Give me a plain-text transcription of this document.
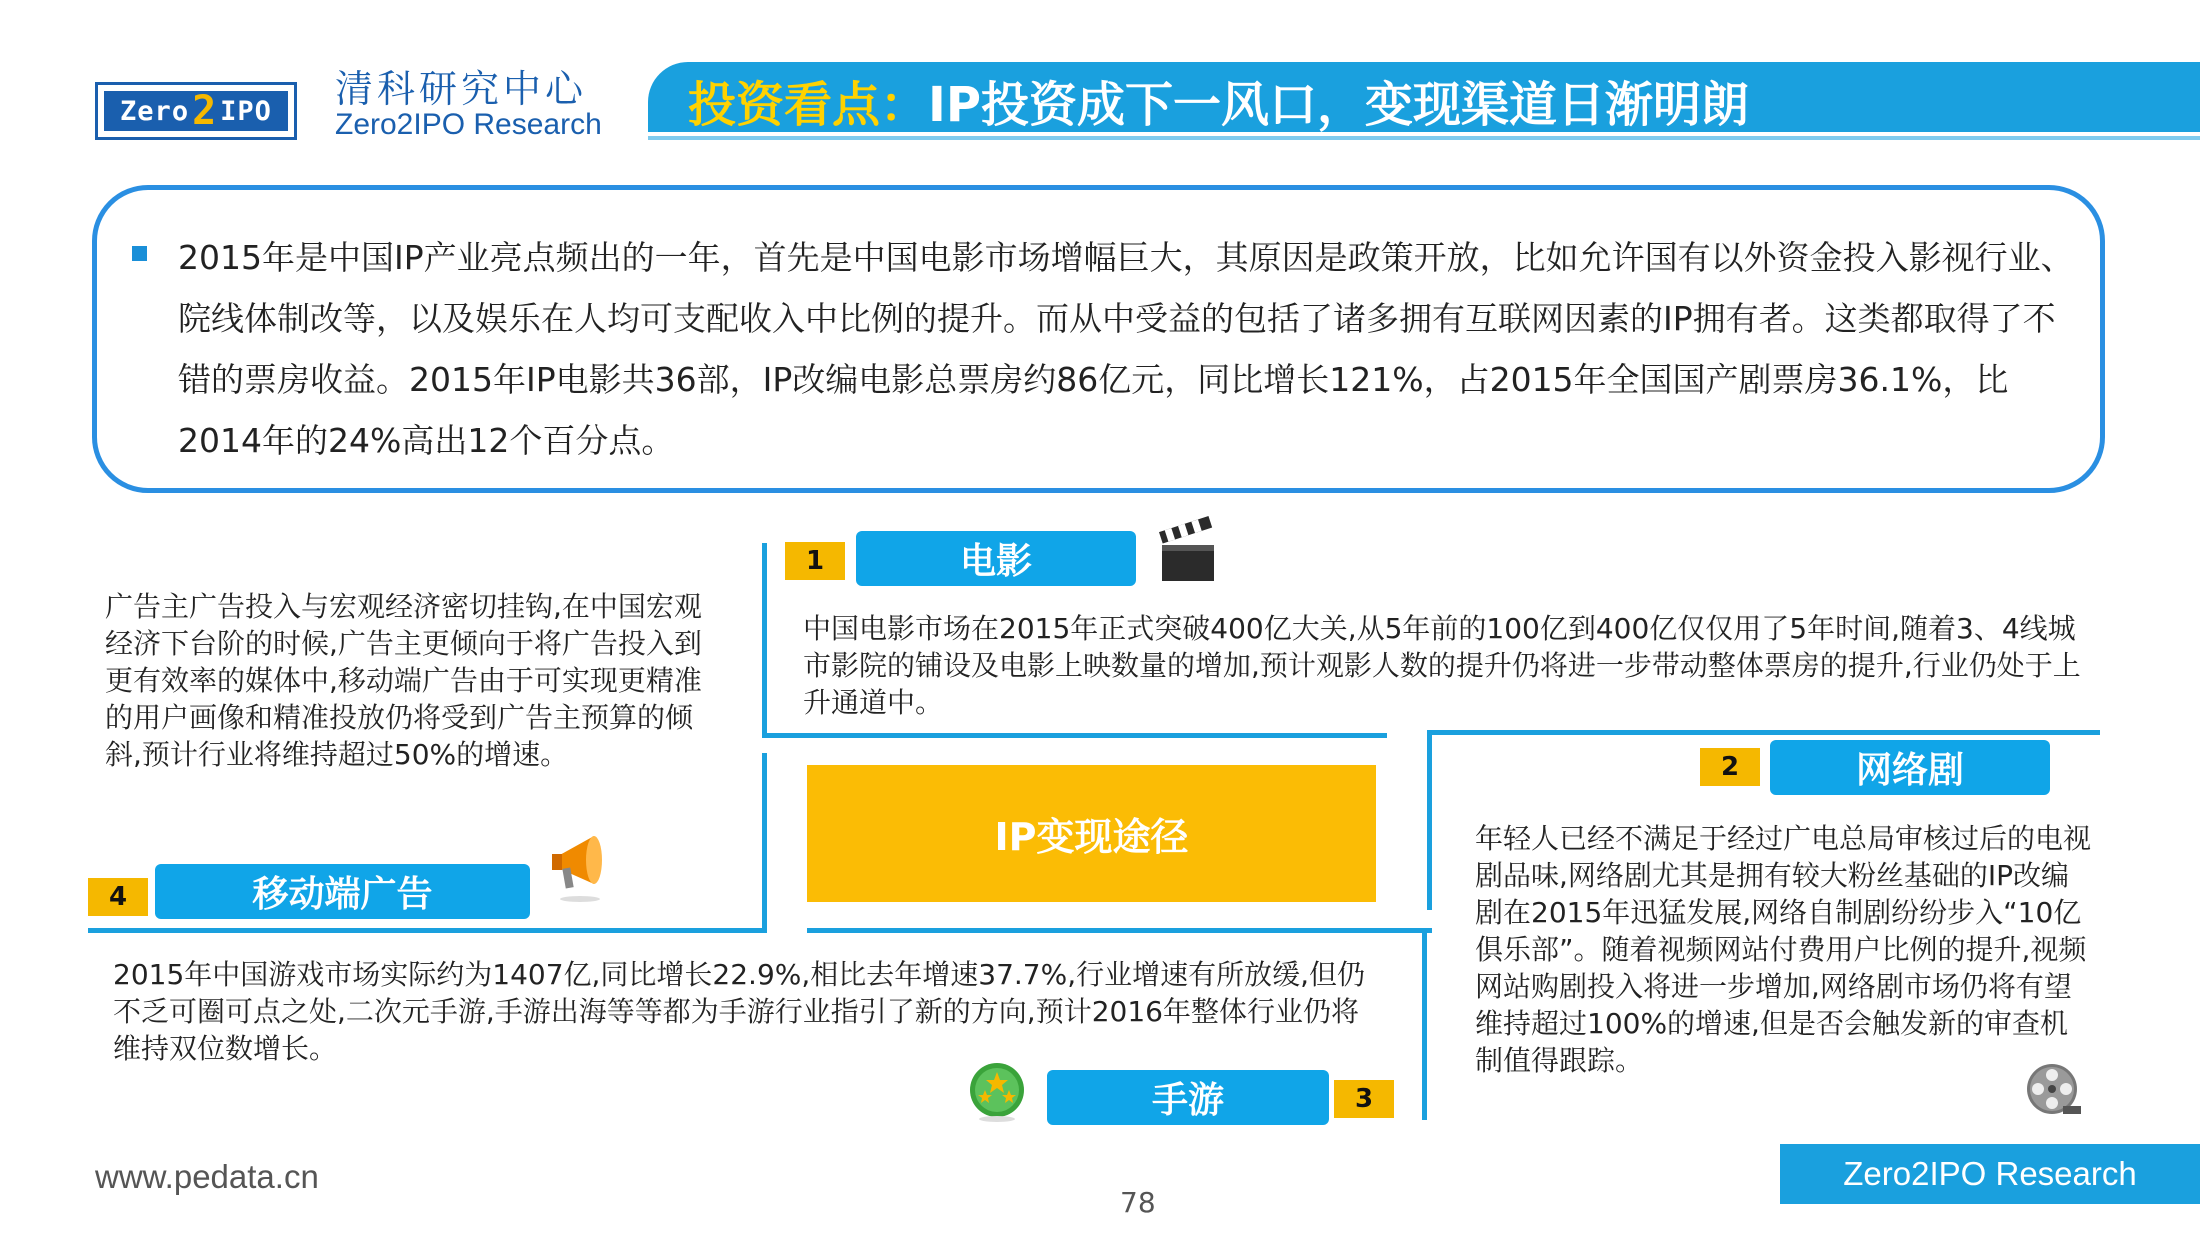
Zero 2 IPO 清科研究中心
Zero2IPO Research 投资看点：IP投资成下一风口，变现渠道日渐明朗
2015年是中国IP产业亮点频出的一年，首先是中国电影市场增幅巨大，其原因是政策开放，比如允许国有以外资金投入影视行业、院线体制改等，以及娱乐在人均可支配收入中比例的提升。而从中受益的包括了诸多拥有互联网因素的IP拥有者。这类都取得了不错的票房收益。2015年IP电影共36部，IP改编电影总票房约86亿元，同比增长121%，占2015年全国国产剧票房36.1%，比2014年的24%高出12个百分点。
IP变现途径
1	电影
中国电影市场在2015年正式突破400亿大关,从5年前的100亿到400亿仅仅用了5年时间,随着3、4线城市影院的铺设及电影上映数量的增加,预计观影人数的提升仍将进一步带动整体票房的提升,行业仍处于上升通道中。
2	网络剧
年轻人已经不满足于经过广电总局审核过后的电视剧品味,网络剧尤其是拥有较大粉丝基础的IP改编剧在2015年迅猛发展,网络自制剧纷纷步入“10亿俱乐部”。随着视频网站付费用户比例的提升,视频网站购剧投入将进一步增加,网络剧市场仍将有望维持超过100%的增速,但是否会触发新的审查机制值得跟踪。
手游	3
2015年中国游戏市场实际约为1407亿,同比增长22.9%,相比去年增速37.7%,行业增速有所放缓,但仍不乏可圈可点之处,二次元手游,手游出海等等都为手游行业指引了新的方向,预计2016年整体行业仍将维持双位数增长。
广告主广告投入与宏观经济密切挂钩,在中国宏观经济下台阶的时候,广告主更倾向于将广告投入到更有效率的媒体中,移动端广告由于可实现更精准的用户画像和精准投放仍将受到广告主预算的倾斜,预计行业将维持超过50%的增速。
4	移动端广告
www.pedata.cn
78
Zero2IPO Research
